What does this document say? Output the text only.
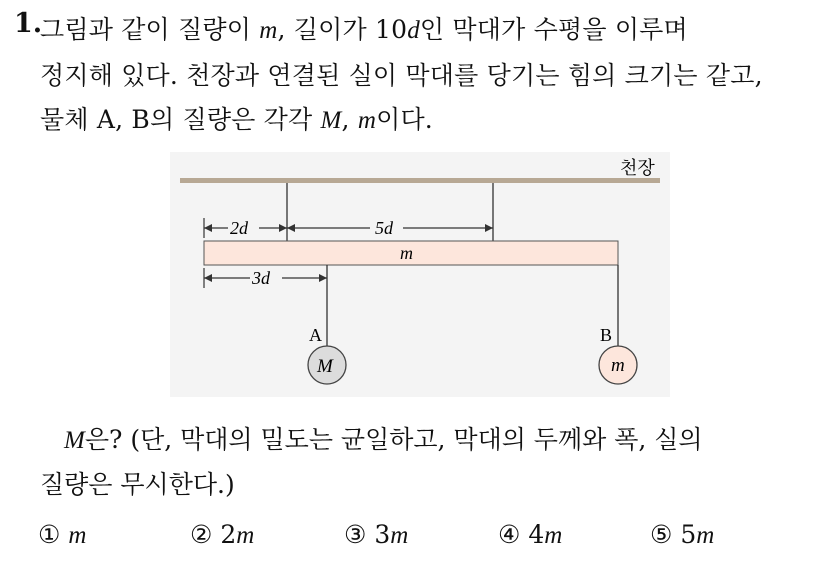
1.
그림과 같이 질량이 m, 길이가 10d인 막대가 수평을 이루며
정지해 있다. 천장과 연결된 실이 막대를 당기는 힘의 크기는 같고,
물체 A, B의 질량은 각각 M, m이다.
천장
2d	5d
m
3d
A	B
M	m
M은? (단, 막대의 밀도는 균일하고, 막대의 두께와 폭, 실의
질량은 무시한다.)
① m	② 2m	③ 3m	④ 4m	⑤ 5m
